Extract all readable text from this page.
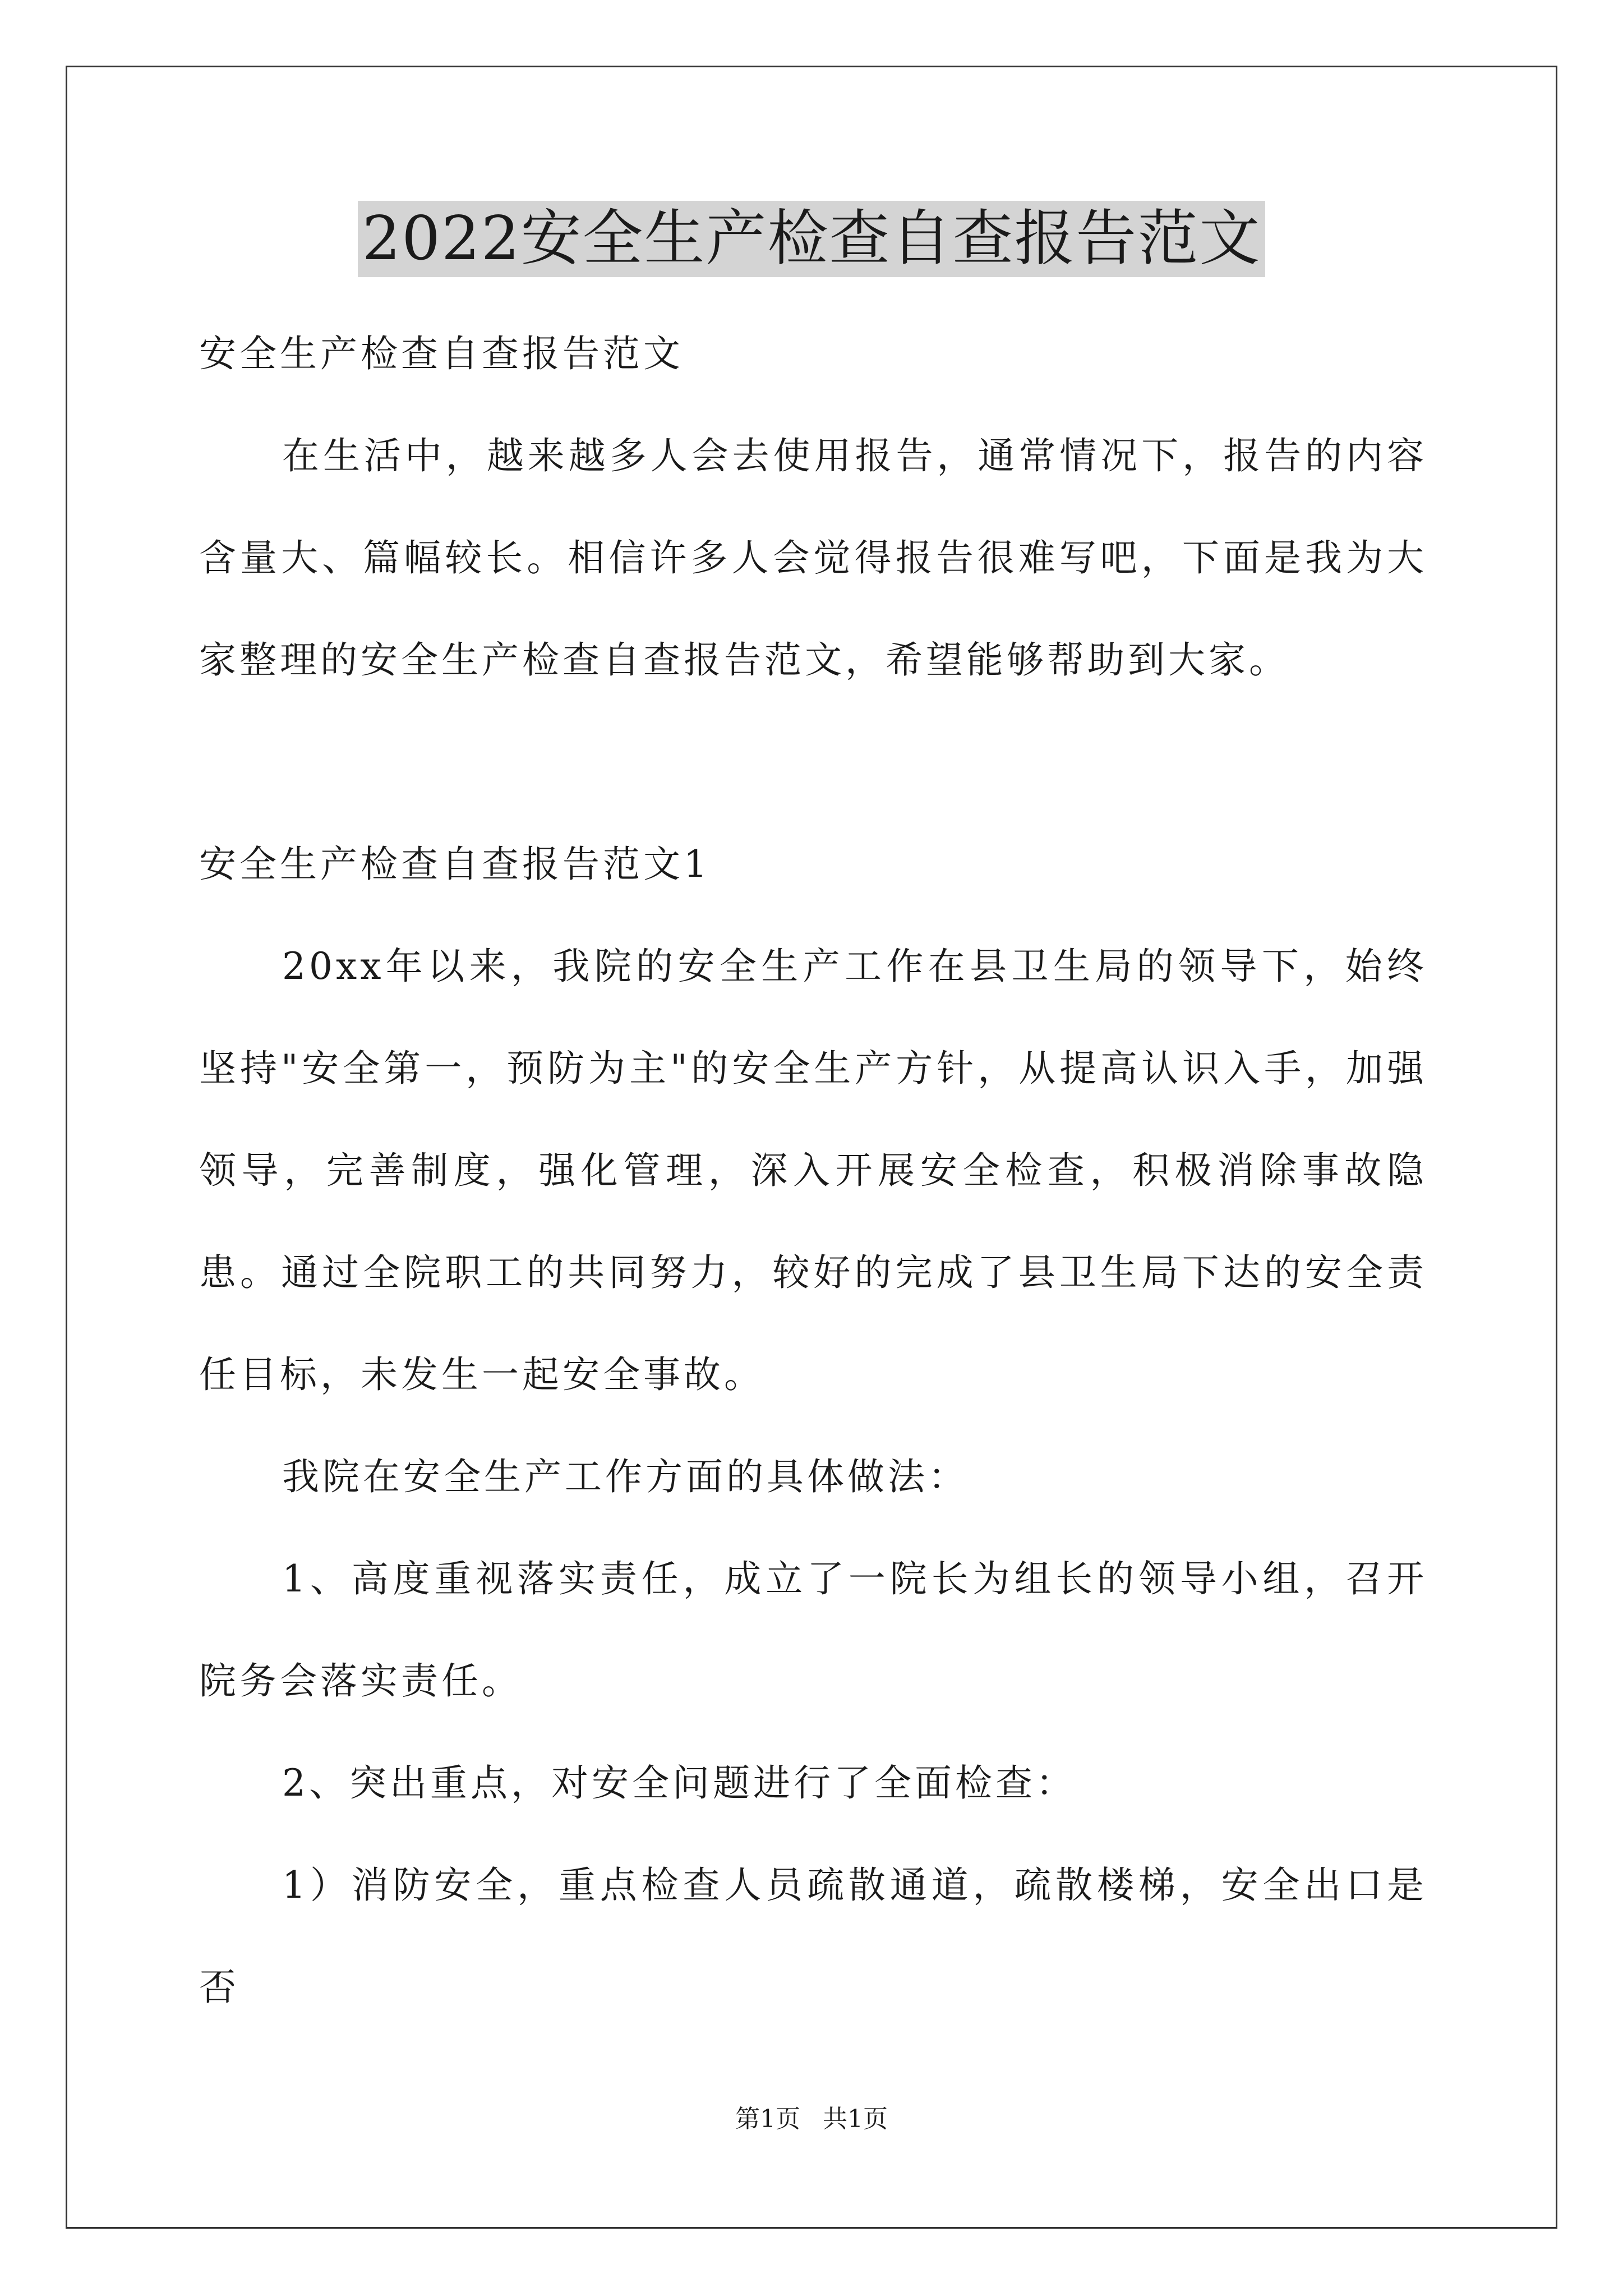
2022安全生产检查自查报告范文

安全生产检查自查报告范文

在生活中，越来越多人会去使用报告，通常情况下，报告的内容含量大、篇幅较长。相信许多人会觉得报告很难写吧，下面是我为大家整理的安全生产检查自查报告范文，希望能够帮助到大家。

安全生产检查自查报告范文1

20xx年以来，我院的安全生产工作在县卫生局的领导下，始终坚持"安全第一，预防为主"的安全生产方针，从提高认识入手，加强领导，完善制度，强化管理，深入开展安全检查，积极消除事故隐患。通过全院职工的共同努力，较好的完成了县卫生局下达的安全责任目标，未发生一起安全事故。

我院在安全生产工作方面的具体做法：

1、高度重视落实责任，成立了一院长为组长的领导小组，召开院务会落实责任。

2、突出重点，对安全问题进行了全面检查：

1）消防安全，重点检查人员疏散通道，疏散楼梯，安全出口是否

第1页 共1页
